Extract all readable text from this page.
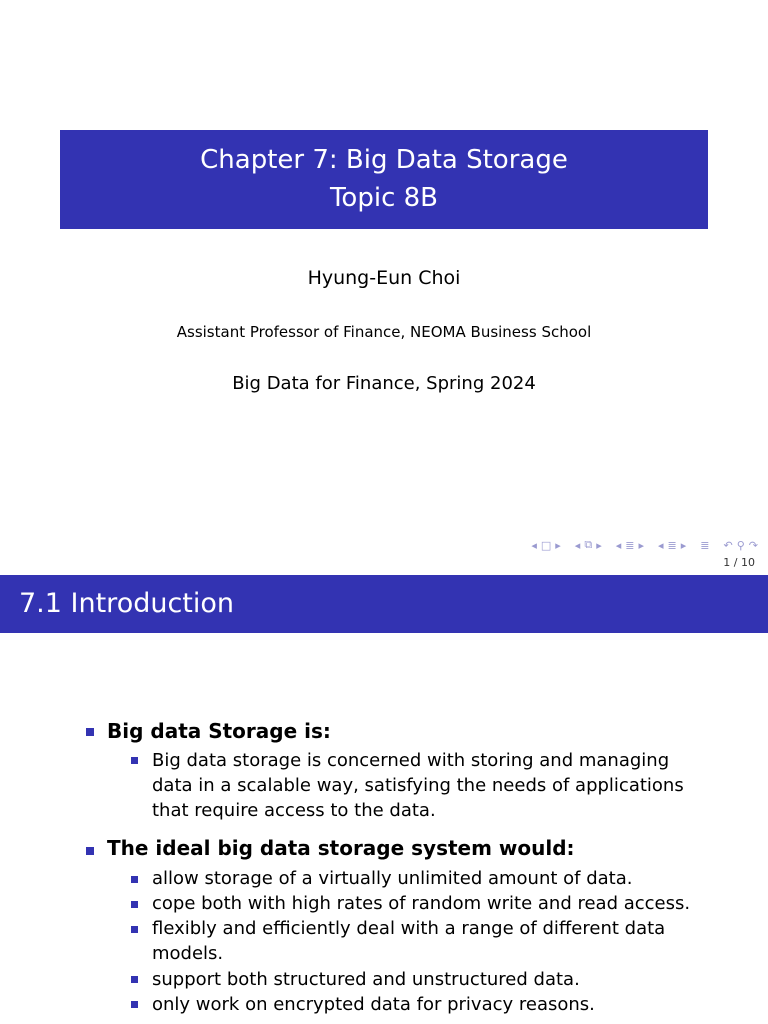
Chapter 7: Big Data Storage
Topic 8B
Hyung-Eun Choi
Assistant Professor of Finance, NEOMA Business School
Big Data for Finance, Spring 2024
◂ □ ▸ ◂ ⧉ ▸ ◂ ≣ ▸ ◂ ≣ ▸ ≣ ↶ ⚲ ↷
1 / 10
7.1 Introduction
Big data Storage is:
Big data storage is concerned with storing and managing data in a scalable way, satisfying the needs of applications that require access to the data.
The ideal big data storage system would:
allow storage of a virtually unlimited amount of data.
cope both with high rates of random write and read access.
flexibly and efficiently deal with a range of different data models.
support both structured and unstructured data.
only work on encrypted data for privacy reasons.
